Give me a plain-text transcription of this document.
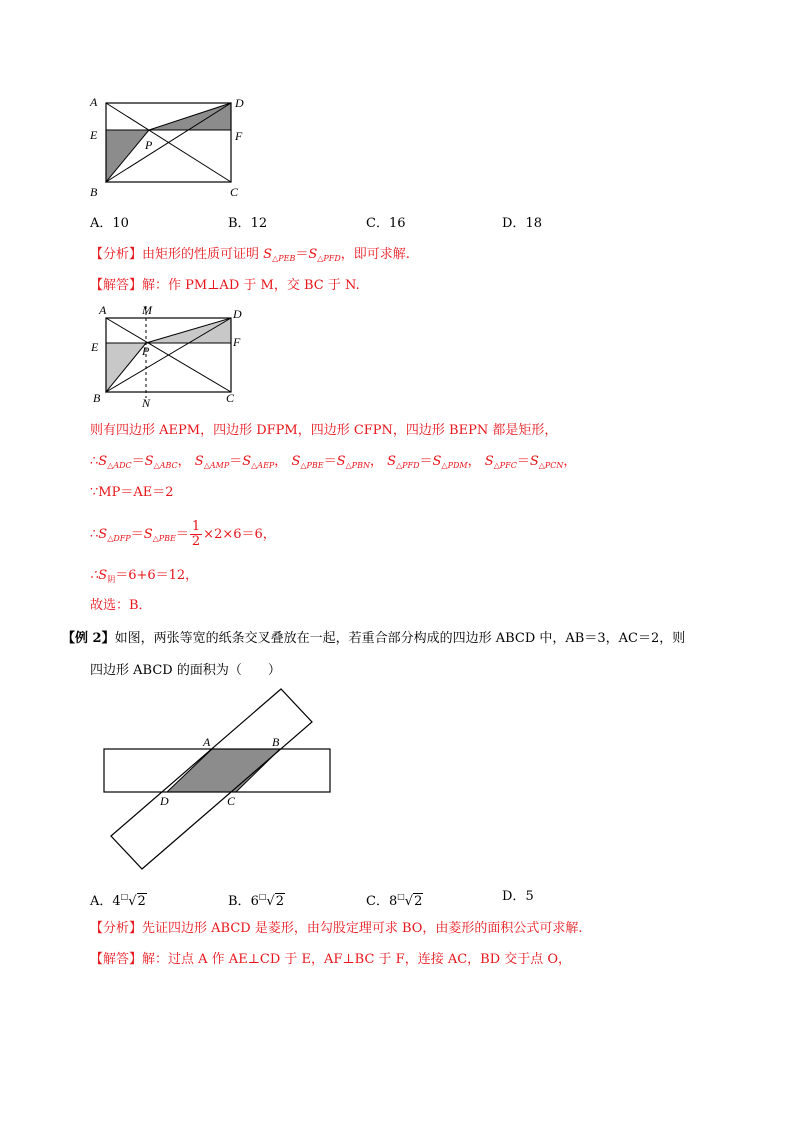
A	D
E	F
P
B	C
A．10	B．12	C．16	D．18
【分析】由矩形的性质可证明 $S_{\triangle PEB}=S_{\triangle PFD}$，即可求解.
【解答】解：作 PM⊥AD 于 M，交 BC 于 N.
A	M	D
E	F
P
B	N	C
则有四边形 AEPM，四边形 DFPM，四边形 CFPN，四边形 BEPN 都是矩形，
$\therefore S_{\triangle ADC}=S_{\triangle ABC}$， $S_{\triangle AMP}=S_{\triangle AEP}$， $S_{\triangle PBE}=S_{\triangle PBN}$， $S_{\triangle PFD}=S_{\triangle PDM}$， $S_{\triangle PFC}=S_{\triangle PCN}$，
∵MP＝AE＝2
$\therefore S_{\triangle DFP}=S_{\triangle PBE}= \frac{1}{2} \times 2\times 6=6$，
$\therefore S_阴=6+6=12$，
故选：B．
【例 2】如图，两张等宽的纸条交叉叠放在一起，若重合部分构成的四边形 ABCD 中，AB＝3，AC＝2，则
四边形 ABCD 的面积为（　　）
A	B
D	C
A．4□√2	B．6□√2	C．8□√2	D．5
【分析】先证四边形 ABCD 是菱形，由勾股定理可求 BO，由菱形的面积公式可求解.
【解答】解：过点 A 作 AE⊥CD 于 E，AF⊥BC 于 F，连接 AC，BD 交于点 O，
